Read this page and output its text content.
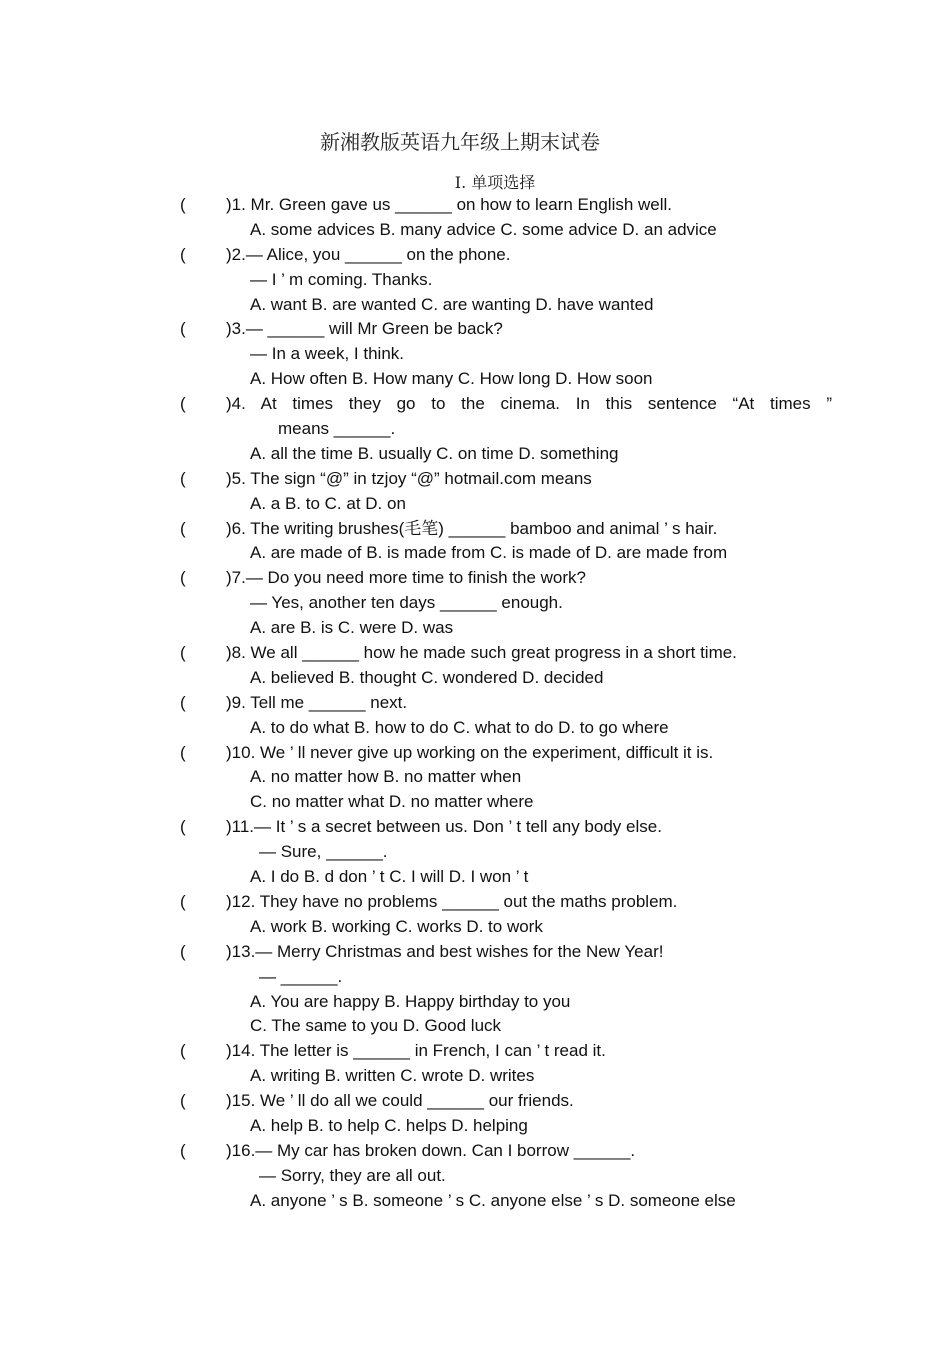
新湘教版英语九年级上期末试卷
Ⅰ. 单项选择
( )1. Mr. Green gave us ______ on how to learn English well.
A. some advices B. many advice C. some advice D. an advice
( )2.— Alice, you ______ on the phone.
— I ’ m coming. Thanks.
A. want B. are wanted C. are wanting D. have wanted
( )3.— ______ will Mr Green be back?
— In a week, I think.
A. How often B. How many C. How long D. How soon
( )4. At times they go to the cinema. In this sentence “At times ”
means ______.
A. all the time B. usually C. on time D. something
( )5. The sign “@” in tzjoy “@” hotmail.com means
A. a B. to C. at D. on
( )6. The writing brushes(毛笔) ______ bamboo and animal ’ s hair.
A. are made of B. is made from C. is made of D. are made from
( )7.— Do you need more time to finish the work?
— Yes, another ten days ______ enough.
A. are B. is C. were D. was
( )8. We all ______ how he made such great progress in a short time.
A. believed B. thought C. wondered D. decided
( )9. Tell me ______ next.
A. to do what B. how to do C. what to do D. to go where
( )10. We ’ ll never give up working on the experiment, difficult it is.
A. no matter how B. no matter when
C. no matter what D. no matter where
( )11.— It ’ s a secret between us. Don ’ t tell any body else.
— Sure, ______.
A. I do B. d don ’ t C. I will D. I won ’ t
( )12. They have no problems ______ out the maths problem.
A. work B. working C. works D. to work
( )13.— Merry Christmas and best wishes for the New Year!
— ______.
A. You are happy B. Happy birthday to you
C. The same to you D. Good luck
( )14. The letter is ______ in French, I can ’ t read it.
A. writing B. written C. wrote D. writes
( )15. We ’ ll do all we could ______ our friends.
A. help B. to help C. helps D. helping
( )16.— My car has broken down. Can I borrow ______.
— Sorry, they are all out.
A. anyone ’ s B. someone ’ s C. anyone else ’ s D. someone else
